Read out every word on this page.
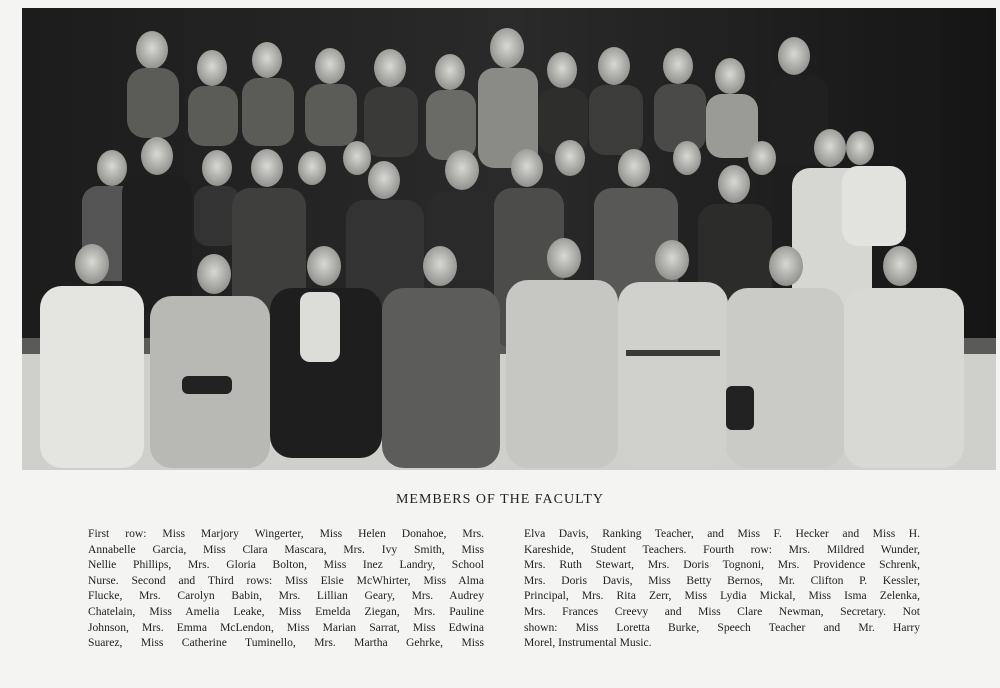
MEMBERS OF THE FACULTY
First row: Miss Marjory Wingerter, Miss Helen Donahoe, Mrs.
Annabelle Garcia, Miss Clara Mascara, Mrs. Ivy Smith, Miss
Nellie Phillips, Mrs. Gloria Bolton, Miss Inez Landry, School
Nurse. Second and Third rows: Miss Elsie McWhirter, Miss Alma
Flucke, Mrs. Carolyn Babin, Mrs. Lillian Geary, Mrs. Audrey
Chatelain, Miss Amelia Leake, Miss Emelda Ziegan, Mrs. Pauline
Johnson, Mrs. Emma McLendon, Miss Marian Sarrat, Miss Edwina
Suarez, Miss Catherine Tuminello, Mrs. Martha Gehrke, Miss
Elva Davis, Ranking Teacher, and Miss F. Hecker and Miss H.
Kareshide, Student Teachers. Fourth row: Mrs. Mildred Wunder,
Mrs. Ruth Stewart, Mrs. Doris Tognoni, Mrs. Providence Schrenk,
Mrs. Doris Davis, Miss Betty Bernos, Mr. Clifton P. Kessler,
Principal, Mrs. Rita Zerr, Miss Lydia Mickal, Miss Isma Zelenka,
Mrs. Frances Creevy and Miss Clare Newman, Secretary. Not
shown: Miss Loretta Burke, Speech Teacher and Mr. Harry
Morel, Instrumental Music.
